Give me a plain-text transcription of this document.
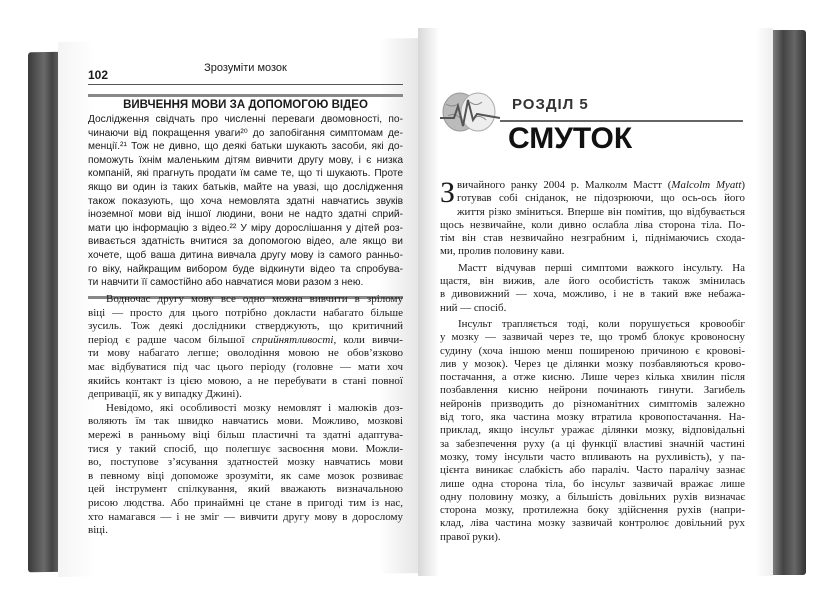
102	Зрозуміти мозок
ВИВЧЕННЯ МОВИ ЗА ДОПОМОГОЮ ВІДЕО
Дослідження свідчать про численні переваги двомовності, по-
чинаючи від покращення уваги²⁰ до запобігання симптомам де-
менції.²¹ Тож не дивно, що деякі батьки шукають засоби, які до-
поможуть їхнім маленьким дітям вивчити другу мову, і є низка
компаній, які прагнуть продати їм саме те, що ті шукають. Проте
якщо ви один із таких батьків, майте на увазі, що дослідження
також показують, що хоча немовлята здатні навчатись звуків
іноземної мови від іншої людини, вони не надто здатні сприй-
мати цю інформацію з відео.²² У міру дорослішання у дітей роз-
вивається здатність вчитися за допомогою відео, але якщо ви
хочете, щоб ваша дитина вивчала другу мову із самого ранньо-
го віку, найкращим вибором буде відкинути відео та спробува-
ти навчити її самостійно або навчатися мови разом з нею.
Водночас другу мову все одно можна вивчити в зрілому
віці — просто для цього потрібно докласти набагато більше
зусиль. Тож деякі дослідники стверджують, що критичний
період є радше часом більшої сприйнятливості, коли вивчи-
ти мову набагато легше; оволодіння мовою не обов’язково
має відбуватися під час цього періоду (головне — мати хоч
якийсь контакт із цією мовою, а не перебувати в стані повної
депривації, як у випадку Джині).
Невідомо, які особливості мозку немовлят і малюків доз-
воляють їм так швидко навчатись мови. Можливо, мозкові
мережі в ранньому віці більш пластичні та здатні адаптува-
тися у такий спосіб, що полегшує засвоєння мови. Можли-
во, поступове з’ясування здатностей мозку навчатись мови
в певному віці допоможе зрозуміти, як саме мозок розвиває
цей інструмент спілкування, який вважають визначальною
рисою людства. Або принаймні це стане в пригоді тим із нас,
хто намагався — і не зміг — вивчити другу мову в дорослому
віці.
РОЗДІЛ 5
СМУТОК
З вичайного ранку 2004 р. Малколм Мастт (Malcolm Myatt)
готував собі сніданок, не підозрюючи, що ось-ось його
життя різко зміниться. Вперше він помітив, що відбувається
щось незвичайне, коли дивно ослабла ліва сторона тіла. По-
тім він став незвичайно незграбним і, піднімаючись схода-
ми, пролив половину кави.
Мастт відчував перші симптоми важкого інсульту. На
щастя, він вижив, але його особистість також змінилась
в дивовижний — хоча, можливо, і не в такий вже небажа-
ний — спосіб.
Інсульт трапляється тоді, коли порушується кровообіг
у мозку — зазвичай через те, що тромб блокує кровоносну
судину (хоча іншою менш поширеною причиною є крововi-
лив у мозок). Через це ділянки мозку позбавляються крово-
постачання, а отже кисню. Лише через кілька хвилин після
позбавлення кисню нейрони починають гинути. Загибель
нейронів призводить до різноманітних симптомів залежно
від того, яка частина мозку втратила кровопостачання. На-
приклад, якщо інсульт уражає ділянки мозку, відповідальні
за забезпечення руху (а ці функції властиві значній частині
мозку, тому інсульти часто впливають на рухливість), у па-
цієнта виникає слабкість або параліч. Часто паралічу зазнає
лише одна сторона тіла, бо інсульт зазвичай вражає лише
одну половину мозку, а більшість довільних рухів визначає
сторона мозку, протилежна боку здійснення рухів (напри-
клад, ліва частина мозку зазвичай контролює довільний рух
правої руки).
